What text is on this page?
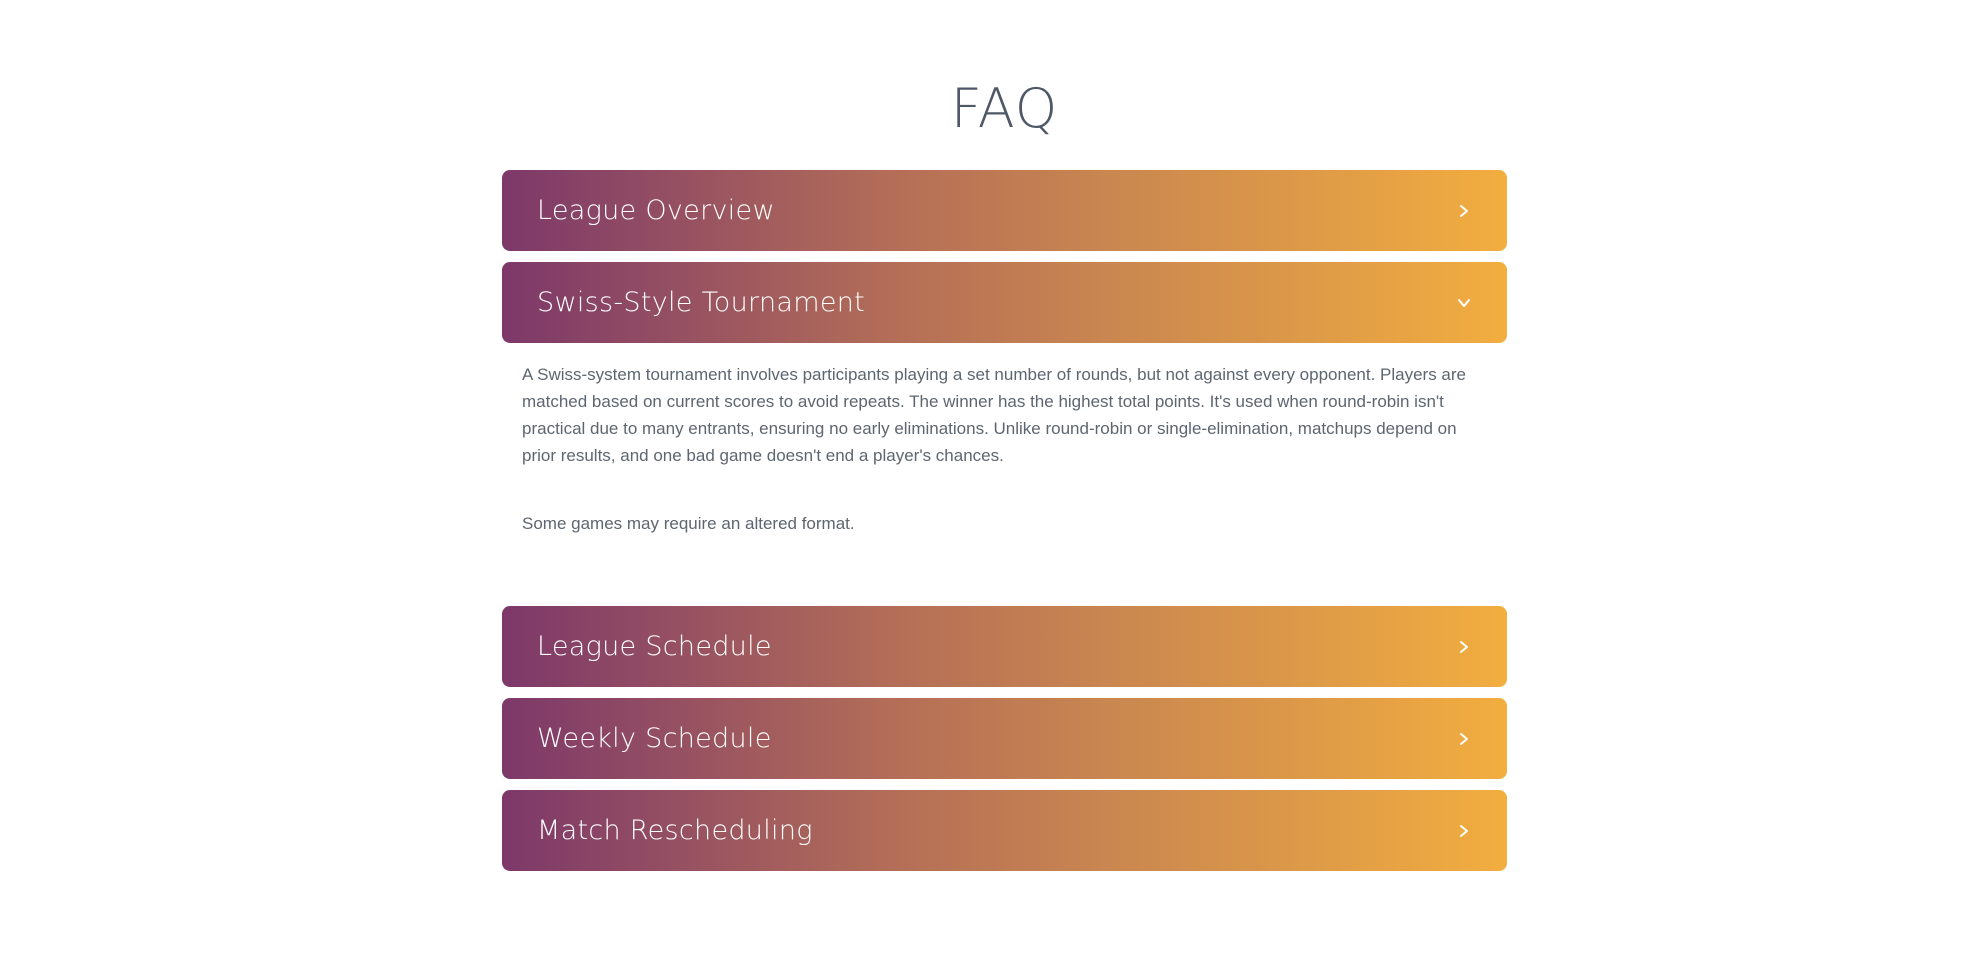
FAQ
League Overview
Swiss-Style Tournament

A Swiss-system tournament involves participants playing a set number of rounds, but not against every opponent. Players are matched based on current scores to avoid repeats. The winner has the highest total points. It's used when round-robin isn't practical due to many entrants, ensuring no early eliminations. Unlike round-robin or single-elimination, matchups depend on prior results, and one bad game doesn't end a player's chances.

Some games may require an altered format.

League Schedule
Weekly Schedule
Match Rescheduling
